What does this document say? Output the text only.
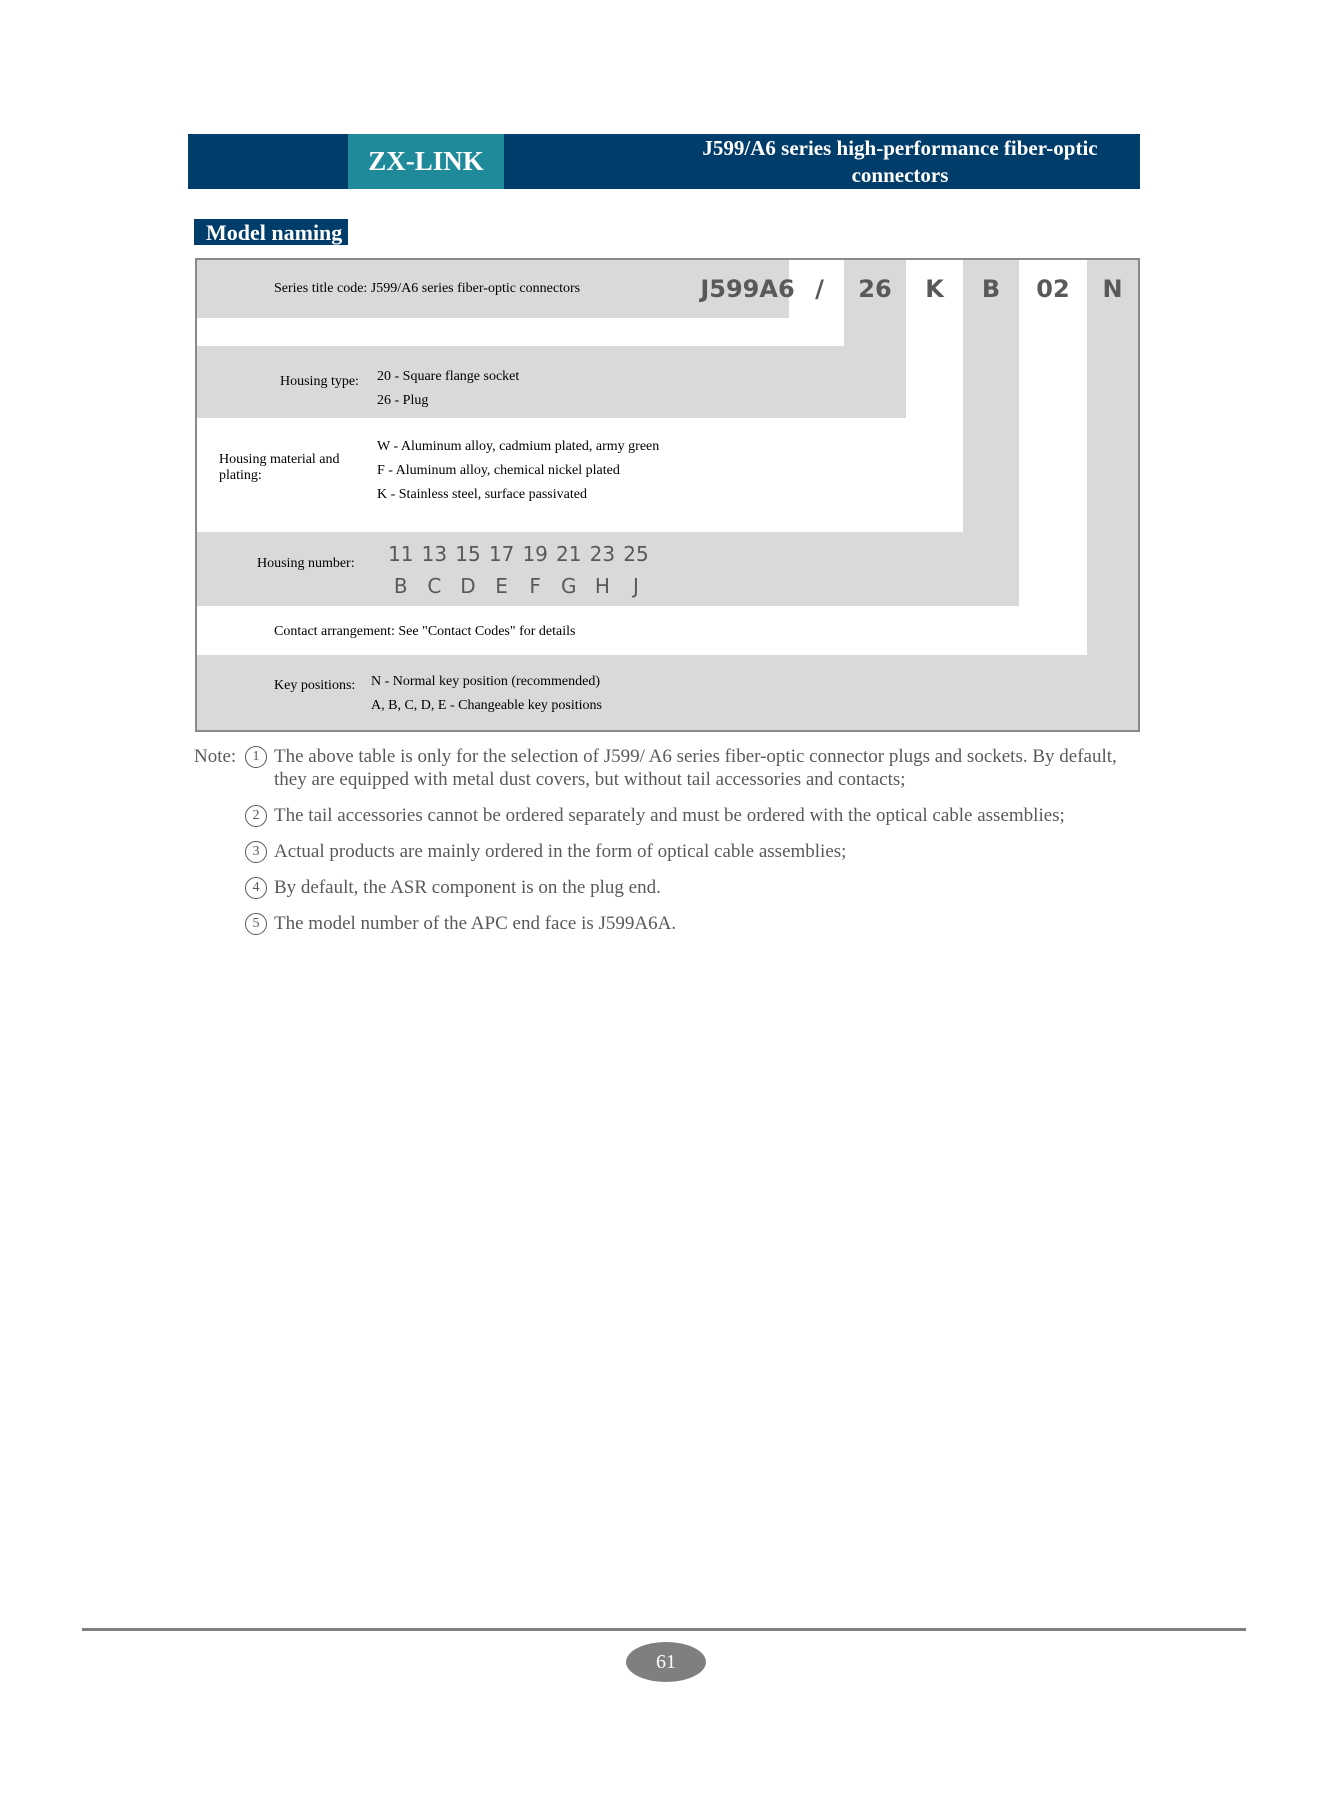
ZX-LINK	J599/A6 series high-performance fiber-optic connectors
Model naming
J599A6 /	26	K	B	02	N
Series title code: J599/A6 series fiber-optic connectors
Housing type: 20 - Square flange socket
26 - Plug
Housing material and plating:
W - Aluminum alloy, cadmium plated, army green
F - Aluminum alloy, chemical nickel plated
K - Stainless steel, surface passivated
Housing number: 11 13 15 17 19 21 23 25
B C D E	F	G H	J
Contact arrangement: See "Contact Codes" for details
Key positions: N - Normal key position (recommended)
A, B, C, D, E - Changeable key positions
Note:	1 The above table is only for the selection of J599/ A6 series fiber-optic connector plugs and sockets. By default, they are equipped with metal dust covers, but without tail accessories and contacts;
2 The tail accessories cannot be ordered separately and must be ordered with the optical cable assemblies;
3 Actual products are mainly ordered in the form of optical cable assemblies;
4 By default, the ASR component is on the plug end.
5 The model number of the APC end face is J599A6A.
61
